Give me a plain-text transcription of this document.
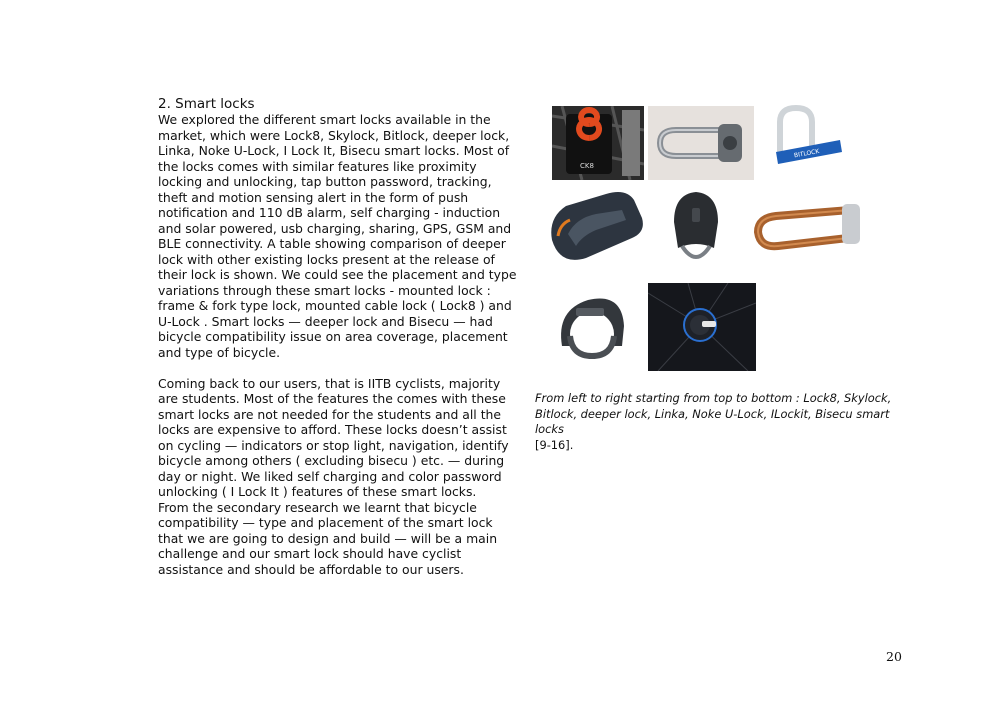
2. Smart locks

We explored the different smart locks available in the market, which were Lock8, Skylock, Bitlock, deeper lock, Linka, Noke U-Lock, I Lock It, Bisecu smart locks. Most of the locks comes with similar features like proximity locking and unlocking, tap button password, tracking, theft and motion sensing alert in the form of push notification and 110 dB alarm, self charging - induction and solar powered, usb charging, sharing, GPS, GSM and BLE connectivity. A table showing comparison of deeper lock with other existing locks present at the release of their lock is shown. We could see the placement and type variations through these smart locks - mounted lock : frame & fork type lock, mounted cable lock ( Lock8 ) and U-Lock . Smart locks — deeper lock and Bisecu — had bicycle compatibility issue on area coverage, placement and type of bicycle.

Coming back to our users, that is IITB cyclists, majority are students. Most of the features the comes with these smart locks are not needed for the students and all the locks are expensive to afford. These locks doesn’t assist on cycling — indicators or stop light, navigation, identify bicycle among others ( excluding bisecu ) etc. — during day or night. We liked self charging and color password unlocking ( I Lock It ) features of these smart locks.

From the secondary research we learnt that bicycle compatibility — type and placement of the smart lock that we are going to design and build — will be a main challenge and our smart lock should have cyclist assistance and should be affordable to our users.

CK8
BITLOCK
From left to right starting from top to bottom : Lock8, Skylock, Bitlock, deeper lock, Linka, Noke U-Lock, ILockit, Bisecu smart locks
[9-16].
20
